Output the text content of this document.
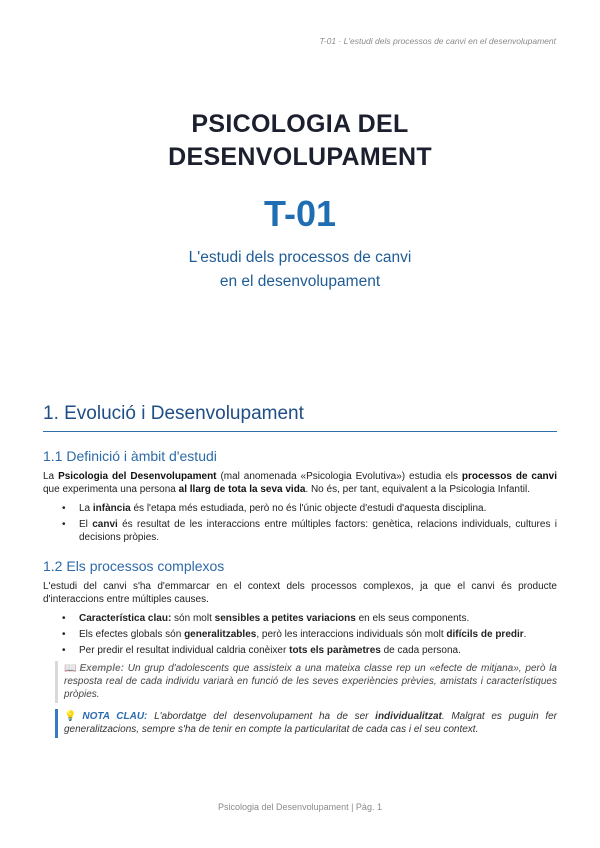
T-01 · L'estudi dels processos de canvi en el desenvolupament
PSICOLOGIA DEL
DESENVOLUPAMENT
T-01
L'estudi dels processos de canvi
en el desenvolupament
1. Evolució i Desenvolupament
1.1 Definició i àmbit d'estudi

La Psicologia del Desenvolupament (mal anomenada «Psicologia Evolutiva») estudia els processos de canvi que experimenta una persona al llarg de tota la seva vida. No és, per tant, equivalent a la Psicologia Infantil.

• La infància és l'etapa més estudiada, però no és l'únic objecte d'estudi d'aquesta disciplina.
• El canvi és resultat de les interaccions entre múltiples factors: genètica, relacions individuals, cultures i decisions pròpies.
1.2 Els processos complexos

L'estudi del canvi s'ha d'emmarcar en el context dels processos complexos, ja que el canvi és producte d'interaccions entre múltiples causes.

• Característica clau: són molt sensibles a petites variacions en els seus components.
• Els efectes globals són generalitzables, però les interaccions individuals són molt difícils de predir.
• Per predir el resultat individual caldria conèixer tots els paràmetres de cada persona.
📖 Exemple: Un grup d'adolescents que assisteix a una mateixa classe rep un «efecte de mitjana», però la resposta real de cada individu variarà en funció de les seves experiències prèvies, amistats i característiques pròpies.
💡 NOTA CLAU: L'abordatge del desenvolupament ha de ser individualitzat. Malgrat es puguin fer generalitzacions, sempre s'ha de tenir en compte la particularitat de cada cas i el seu context.
Psicologia del Desenvolupament | Pàg. 1
